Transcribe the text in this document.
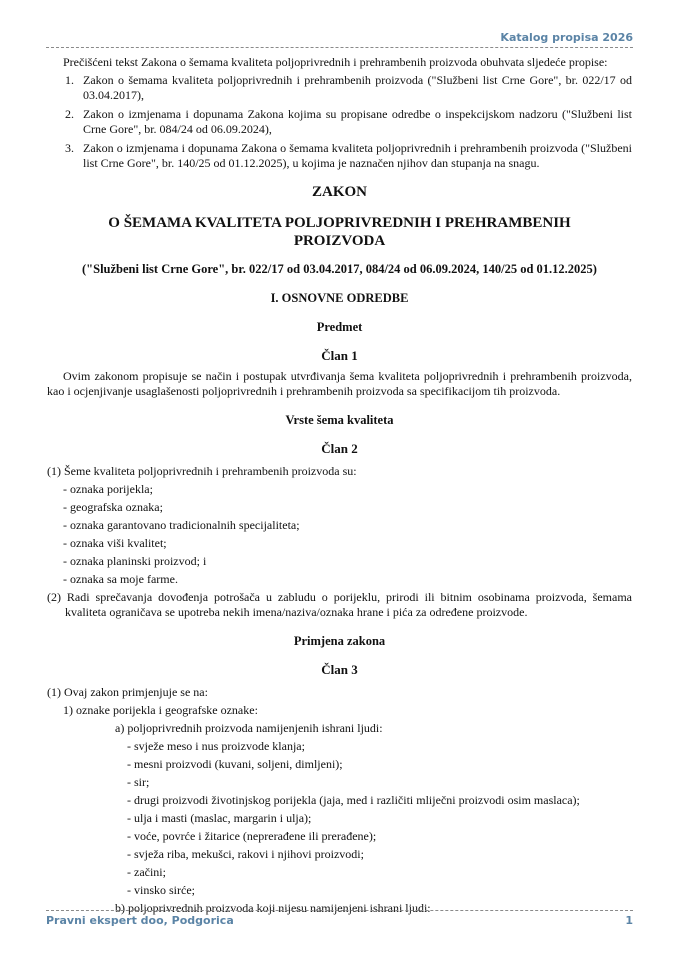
Katalog propisa 2026

Prečišćeni tekst Zakona o šemama kvaliteta poljoprivrednih i prehrambenih proizvoda obuhvata sljedeće propise:

1. Zakon o šemama kvaliteta poljoprivrednih i prehrambenih proizvoda ("Službeni list Crne Gore", br. 022/17 od 03.04.2017),
2. Zakon o izmjenama i dopunama Zakona kojima su propisane odredbe o inspekcijskom nadzoru ("Službeni list Crne Gore", br. 084/24 od 06.09.2024),
3. Zakon o izmjenama i dopunama Zakona o šemama kvaliteta poljoprivrednih i prehrambenih proizvoda ("Službeni list Crne Gore", br. 140/25 od 01.12.2025), u kojima je naznačen njihov dan stupanja na snagu.

ZAKON

O ŠEMAMA KVALITETA POLJOPRIVREDNIH I PREHRAMBENIH PROIZVODA

("Službeni list Crne Gore", br. 022/17 od 03.04.2017, 084/24 od 06.09.2024, 140/25 od 01.12.2025)

I. OSNOVNE ODREDBE

Predmet

Član 1

Ovim zakonom propisuje se način i postupak utvrđivanja šema kvaliteta poljoprivrednih i prehrambenih proizvoda, kao i ocjenjivanje usaglašenosti poljoprivrednih i prehrambenih proizvoda sa specifikacijom tih proizvoda.

Vrste šema kvaliteta

Član 2

(1) Šeme kvaliteta poljoprivrednih i prehrambenih proizvoda su:

- oznaka porijekla;

- geografska oznaka;

- oznaka garantovano tradicionalnih specijaliteta;

- oznaka viši kvalitet;

- oznaka planinski proizvod; i

- oznaka sa moje farme.

(2) Radi sprečavanja dovođenja potrošača u zabludu o porijeklu, prirodi ili bitnim osobinama proizvoda, šemama kvaliteta ograničava se upotreba nekih imena/naziva/oznaka hrane i pića za određene proizvode.

Primjena zakona

Član 3

(1) Ovaj zakon primjenjuje se na:

1) oznake porijekla i geografske oznake:

a) poljoprivrednih proizvoda namijenjenih ishrani ljudi:

- svježe meso i nus proizvode klanja;

- mesni proizvodi (kuvani, soljeni, dimljeni);

- sir;

- drugi proizvodi životinjskog porijekla (jaja, med i različiti mliječni proizvodi osim maslaca);

- ulja i masti (maslac, margarin i ulja);

- voće, povrće i žitarice (neprerađene ili prerađene);

- svježa riba, mekušci, rakovi i njihovi proizvodi;

- začini;

- vinsko sirće;

b) poljoprivrednih proizvoda koji nijesu namijenjeni ishrani ljudi:

Pravni ekspert doo, Podgorica	1
